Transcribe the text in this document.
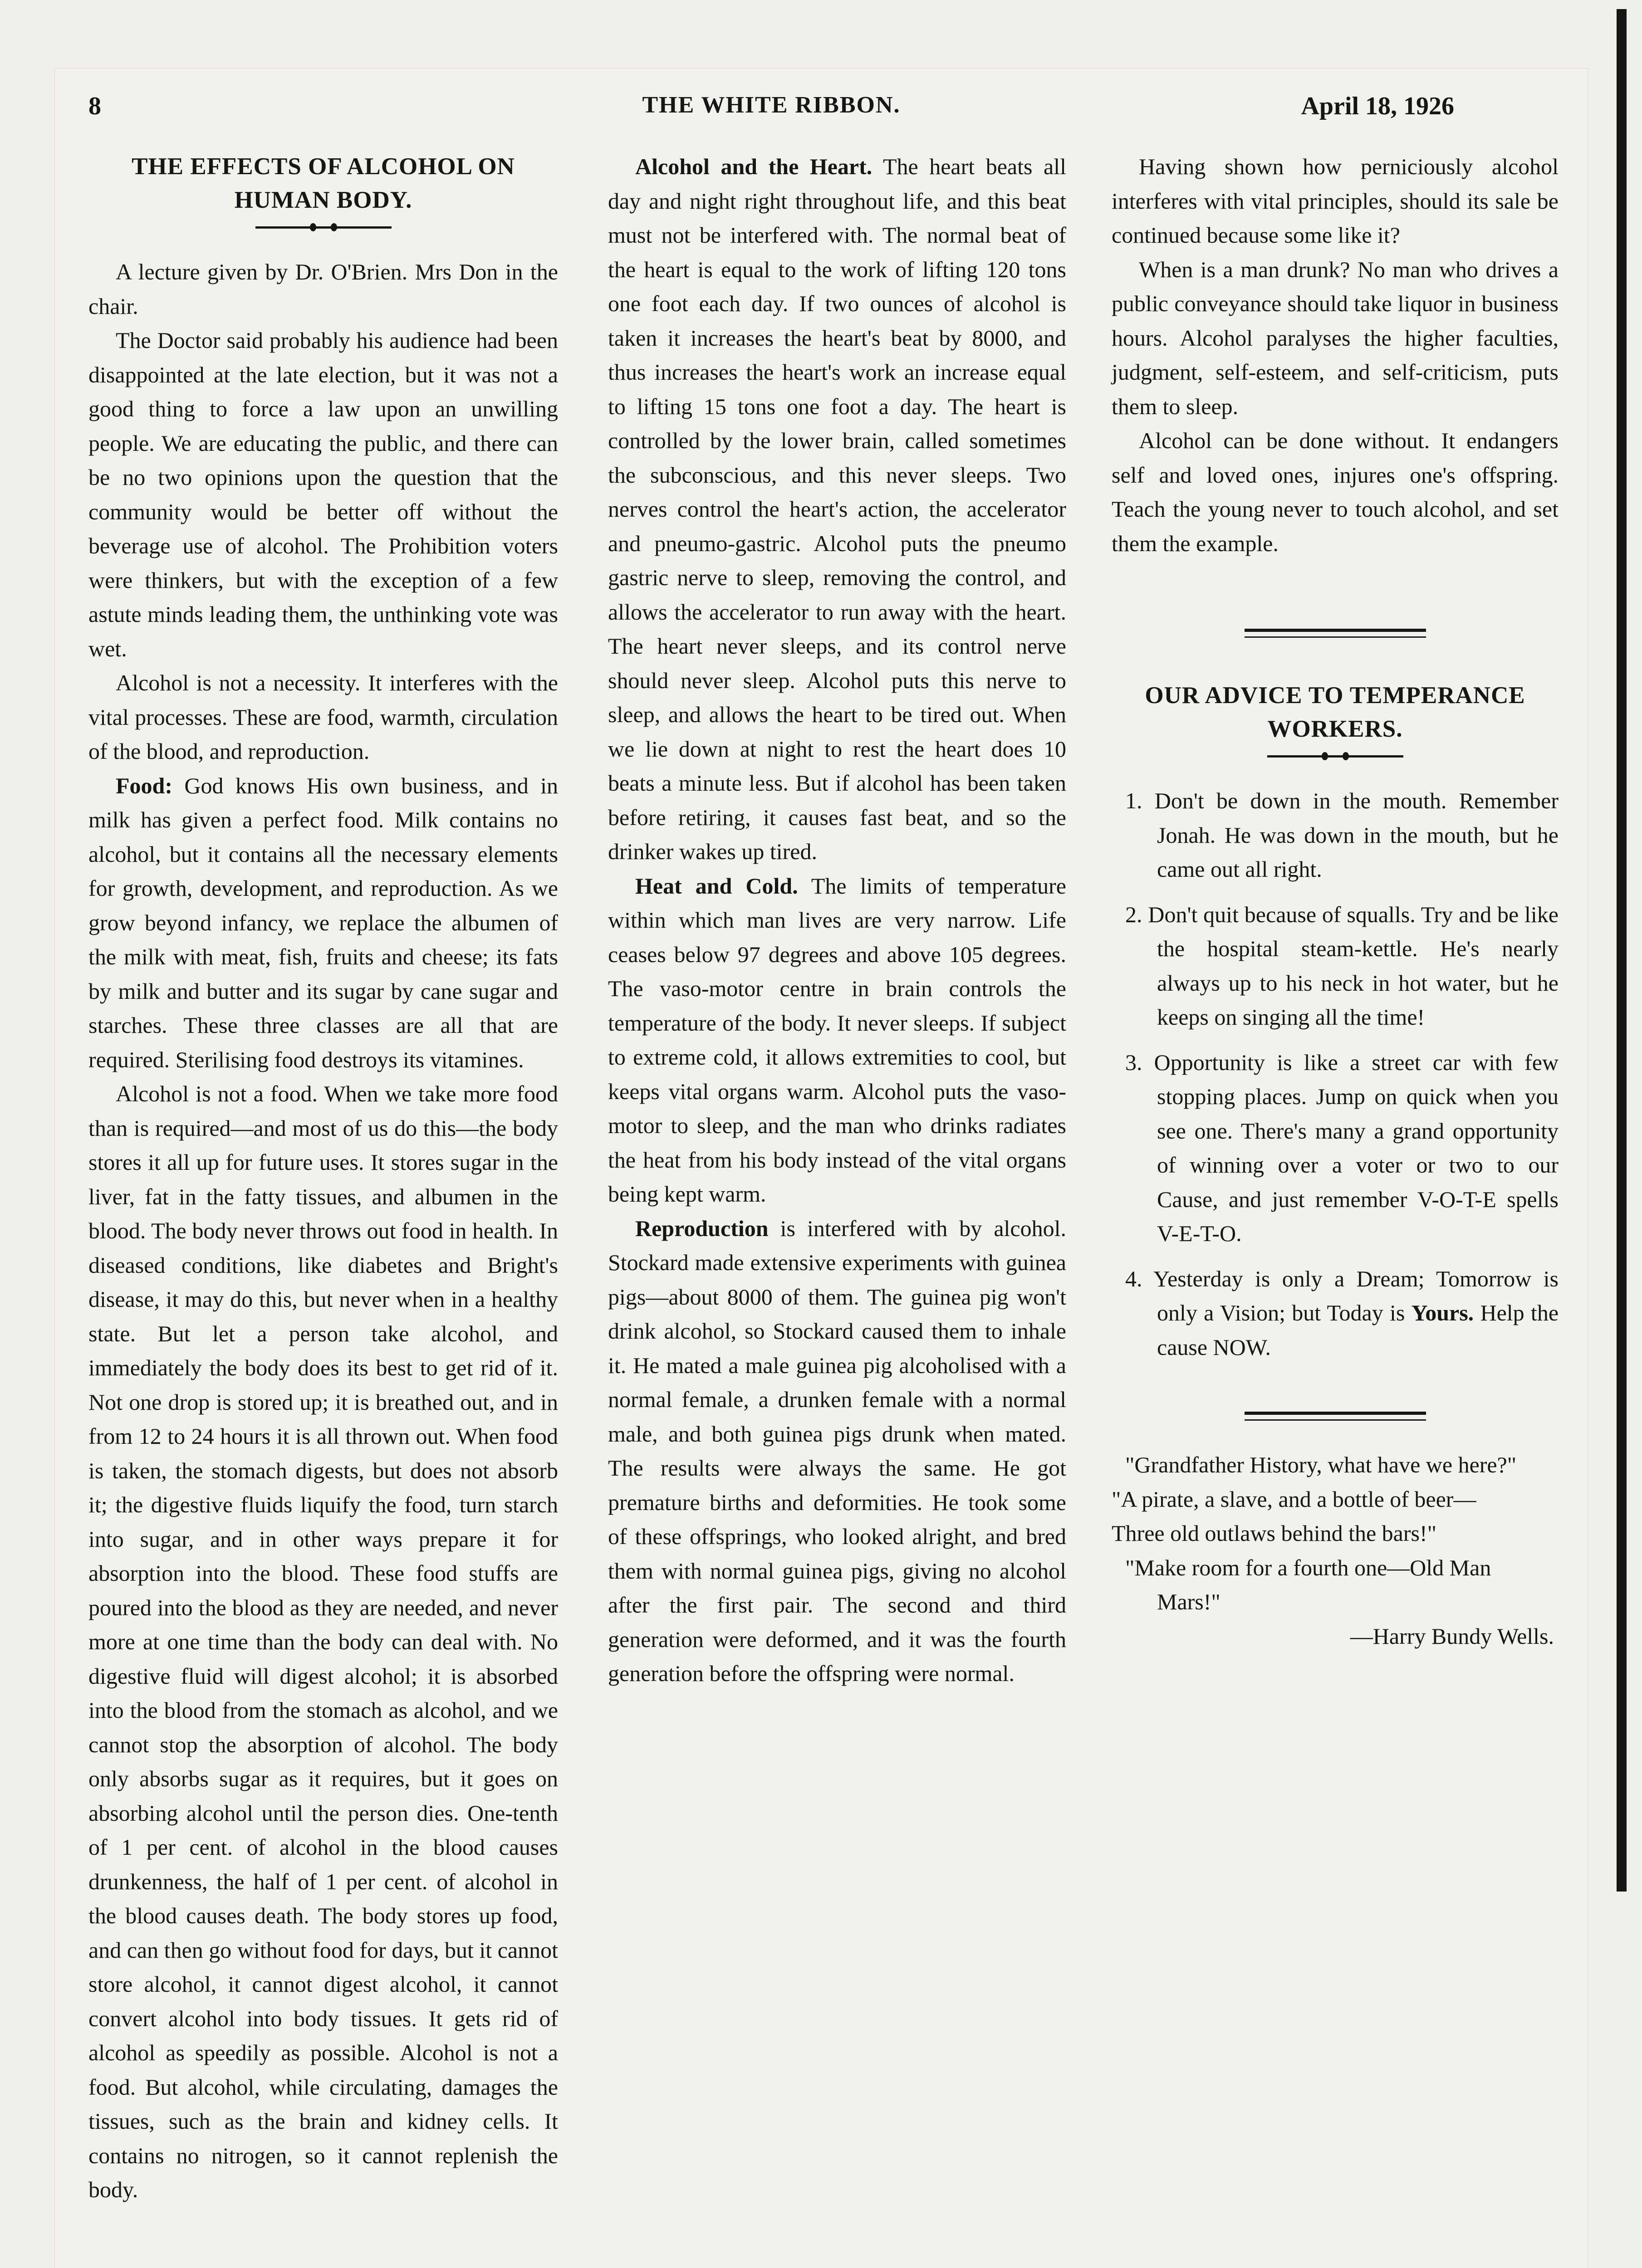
8	THE WHITE RIBBON.	April 18, 1926
THE EFFECTS OF ALCOHOL ON HUMAN BODY.

A lecture given by Dr. O'Brien. Mrs Don in the chair.

The Doctor said probably his audience had been disappointed at the late election, but it was not a good thing to force a law upon an unwilling people. We are educating the public, and there can be no two opinions upon the question that the community would be better off without the beverage use of alcohol. The Prohibition voters were thinkers, but with the exception of a few astute minds leading them, the unthinking vote was wet.

Alcohol is not a necessity. It interferes with the vital processes. These are food, warmth, circulation of the blood, and reproduction.

Food: God knows His own business, and in milk has given a perfect food. Milk contains no alcohol, but it contains all the necessary elements for growth, development, and reproduction. As we grow beyond infancy, we replace the albumen of the milk with meat, fish, fruits and cheese; its fats by milk and butter and its sugar by cane sugar and starches. These three classes are all that are required. Sterilising food destroys its vitamines.

Alcohol is not a food. When we take more food than is required—and most of us do this—the body stores it all up for future uses. It stores sugar in the liver, fat in the fatty tissues, and albumen in the blood. The body never throws out food in health. In diseased conditions, like diabetes and Bright's disease, it may do this, but never when in a healthy state. But let a person take alcohol, and immediately the body does its best to get rid of it. Not one drop is stored up; it is breathed out, and in from 12 to 24 hours it is all thrown out. When food is taken, the stomach digests, but does not absorb it; the digestive fluids liquify the food, turn starch into sugar, and in other ways prepare it for absorption into the blood. These food stuffs are poured into the blood as they are needed, and never more at one time than the body can deal with. No digestive fluid will digest alcohol; it is absorbed into the blood from the stomach as alcohol, and we cannot stop the absorption of alcohol. The body only absorbs sugar as it requires, but it goes on absorbing alcohol until the person dies. One-tenth of 1 per cent. of alcohol in the blood causes drunkenness, the half of 1 per cent. of alcohol in the blood causes death. The body stores up food, and can then go without food for days, but it cannot store alcohol, it cannot digest alcohol, it cannot convert alcohol into body tissues. It gets rid of alcohol as speedily as possible. Alcohol is not a food. But alcohol, while circulating, damages the tissues, such as the brain and kidney cells. It contains no nitrogen, so it cannot replenish the body.

Alcohol and the Heart. The heart beats all day and night right throughout life, and this beat must not be interfered with. The normal beat of the heart is equal to the work of lifting 120 tons one foot each day. If two ounces of alcohol is taken it increases the heart's beat by 8000, and thus increases the heart's work an increase equal to lifting 15 tons one foot a day. The heart is controlled by the lower brain, called sometimes the subconscious, and this never sleeps. Two nerves control the heart's action, the accelerator and pneumo-gastric. Alcohol puts the pneumo gastric nerve to sleep, removing the control, and allows the accelerator to run away with the heart. The heart never sleeps, and its control nerve should never sleep. Alcohol puts this nerve to sleep, and allows the heart to be tired out. When we lie down at night to rest the heart does 10 beats a minute less. But if alcohol has been taken before retiring, it causes fast beat, and so the drinker wakes up tired.

Heat and Cold. The limits of temperature within which man lives are very narrow. Life ceases below 97 degrees and above 105 degrees. The vaso-motor centre in brain controls the temperature of the body. It never sleeps. If subject to extreme cold, it allows extremities to cool, but keeps vital organs warm. Alcohol puts the vaso-motor to sleep, and the man who drinks radiates the heat from his body instead of the vital organs being kept warm.

Reproduction is interfered with by alcohol. Stockard made extensive experiments with guinea pigs—about 8000 of them. The guinea pig won't drink alcohol, so Stockard caused them to inhale it. He mated a male guinea pig alcoholised with a normal female, a drunken female with a normal male, and both guinea pigs drunk when mated. The results were always the same. He got premature births and deformities. He took some of these offsprings, who looked alright, and bred them with normal guinea pigs, giving no alcohol after the first pair. The second and third generation were deformed, and it was the fourth generation before the offspring were normal.

Having shown how perniciously alcohol interferes with vital principles, should its sale be continued because some like it?

When is a man drunk? No man who drives a public conveyance should take liquor in business hours. Alcohol paralyses the higher faculties, judgment, self-esteem, and self-criticism, puts them to sleep.

Alcohol can be done without. It endangers self and loved ones, injures one's offspring. Teach the young never to touch alcohol, and set them the example.

OUR ADVICE TO TEMPERANCE WORKERS.
1. Don't be down in the mouth. Remember Jonah. He was down in the mouth, but he came out all right.
2. Don't quit because of squalls. Try and be like the hospital steam-kettle. He's nearly always up to his neck in hot water, but he keeps on singing all the time!
3. Opportunity is like a street car with few stopping places. Jump on quick when you see one. There's many a grand opportunity of winning over a voter or two to our Cause, and just remember V-O-T-E spells V-E-T-O.
4. Yesterday is only a Dream; Tomorrow is only a Vision; but Today is Yours. Help the cause NOW.

"Grandfather History, what have we here?"

"A pirate, a slave, and a bottle of beer—

Three old outlaws behind the bars!"

"Make room for a fourth one—Old Man Mars!"

—Harry Bundy Wells.
